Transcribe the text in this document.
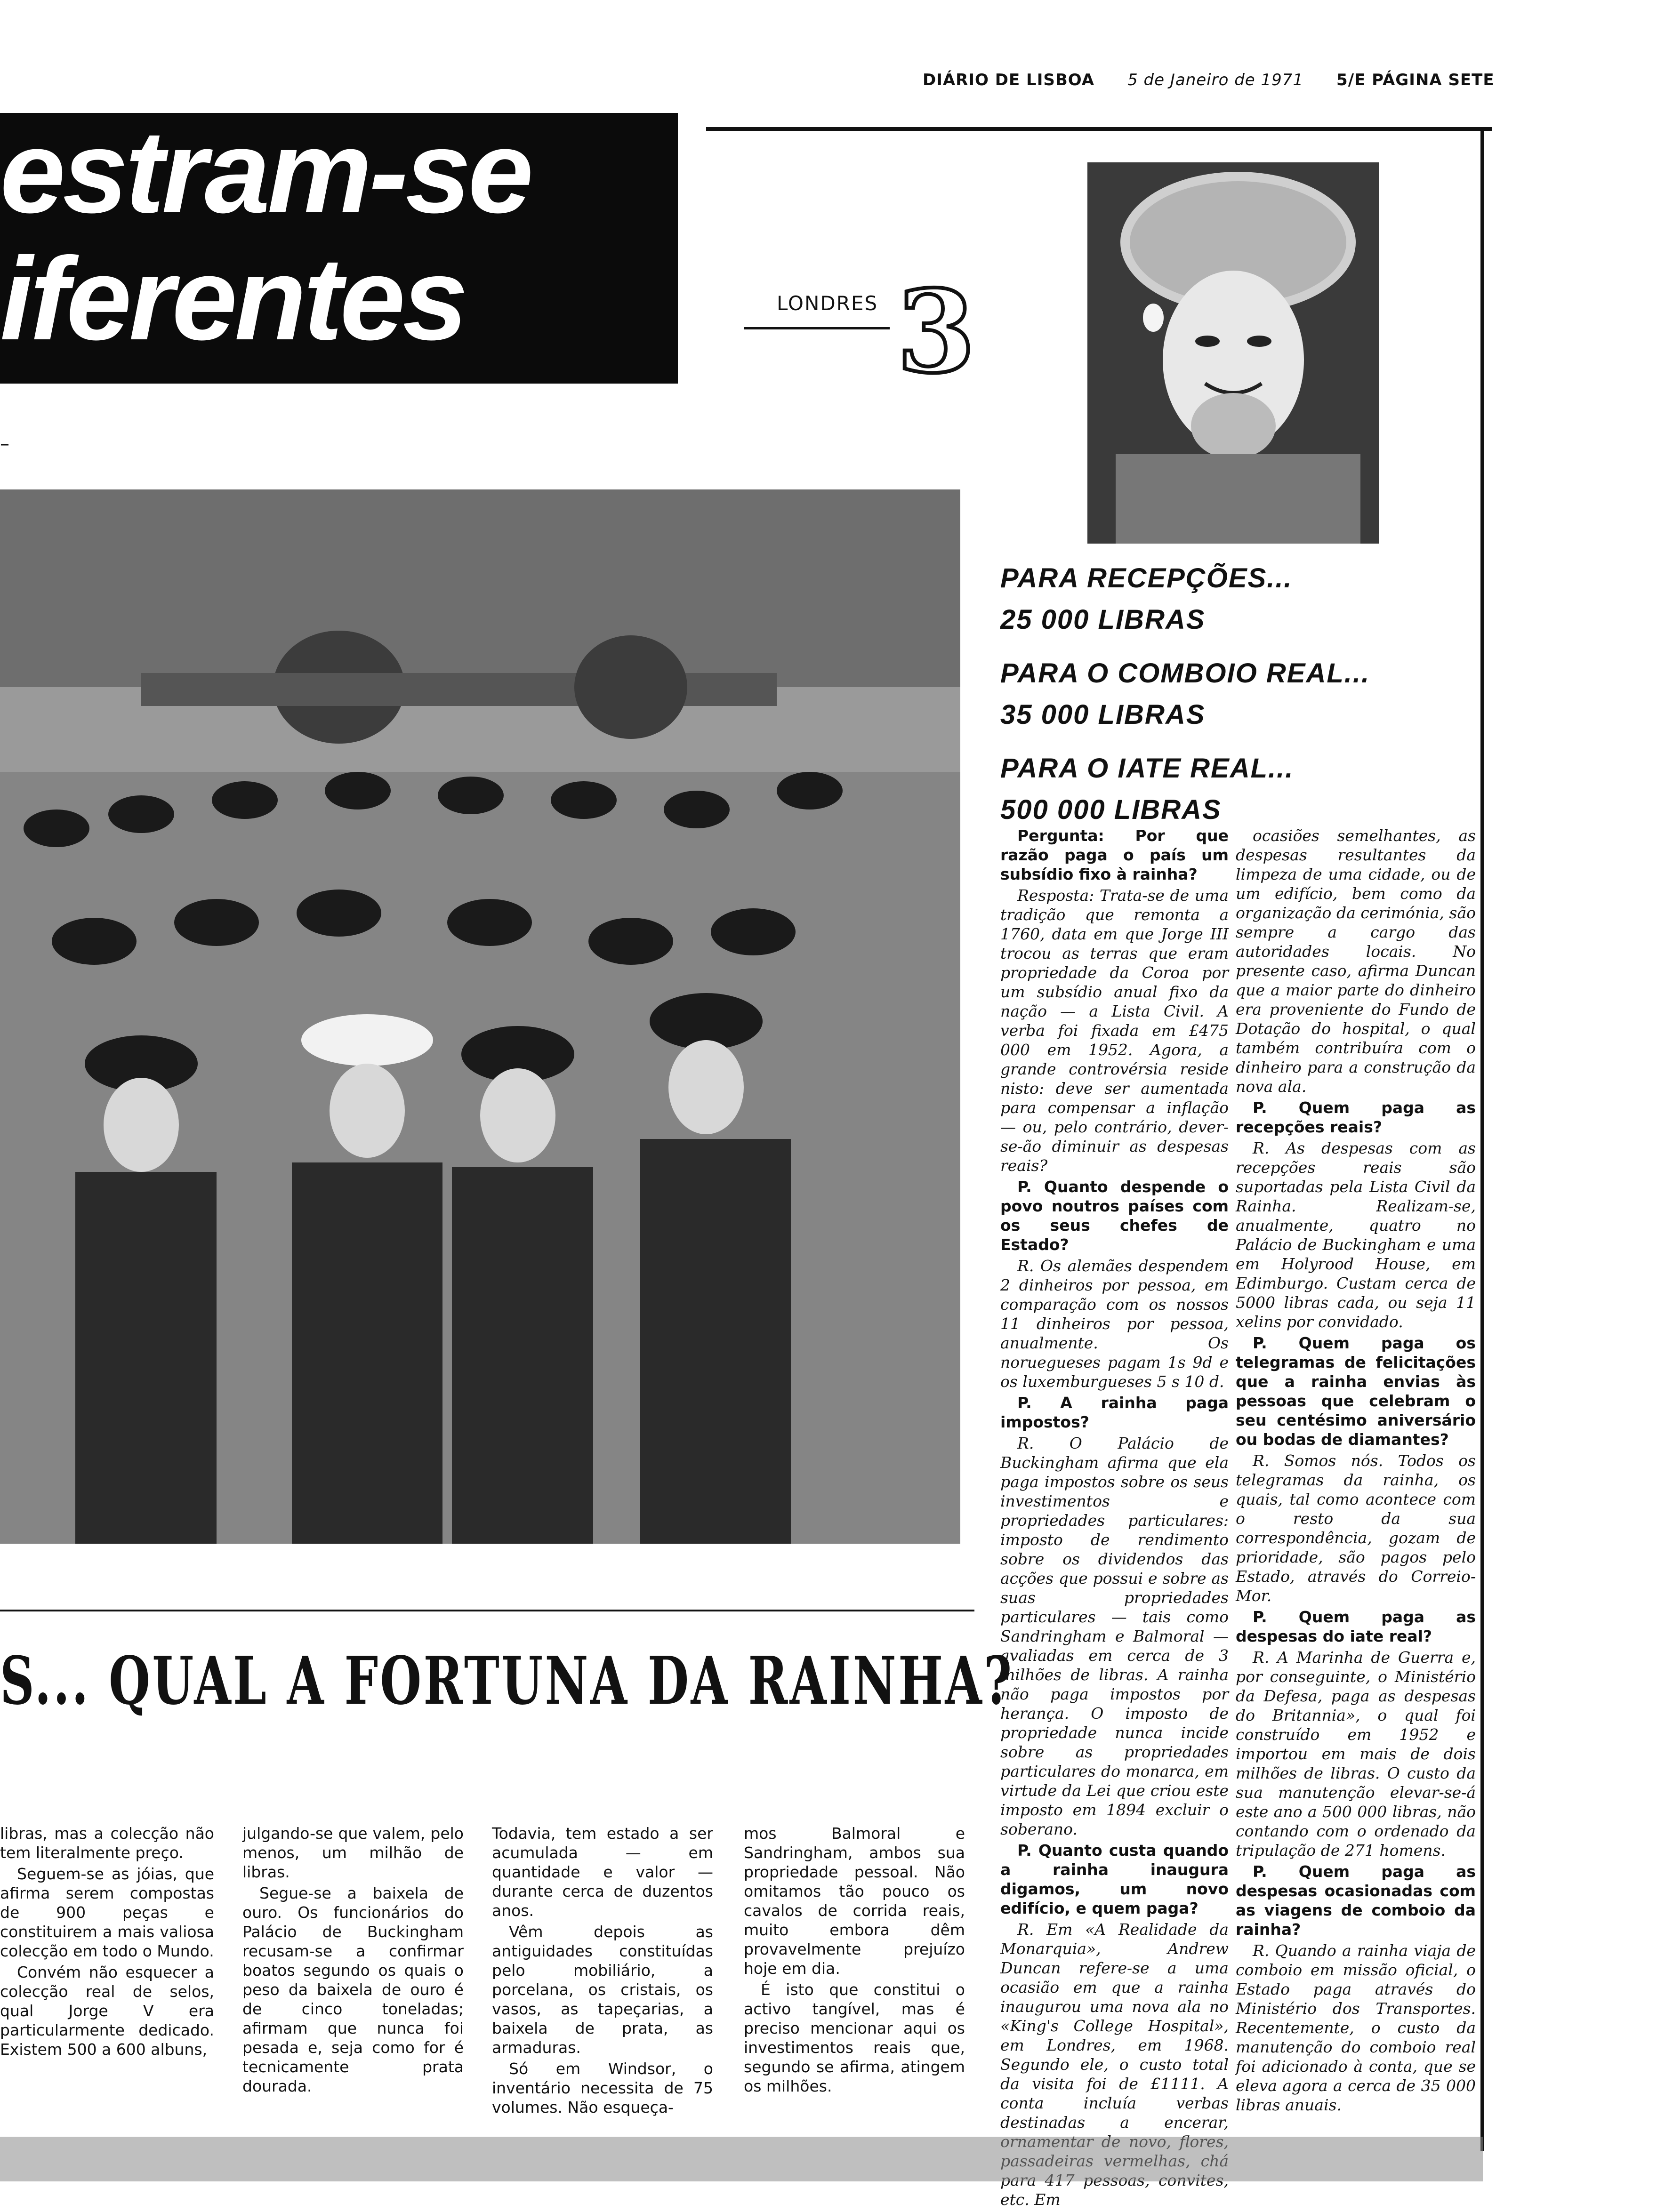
DIÁRIO DE LISBOA 5 de Janeiro de 1971 5/E PÁGINA SETE
estram-se
iferentes	LONDRES 3
–
PARA RECEPÇÕES...
25 000 LIBRAS
PARA O COMBOIO REAL...
35 000 LIBRAS
PARA O IATE REAL...
500 000 LIBRAS
S... QUAL A FORTUNA DA RAINHA?

Pergunta: Por que razão paga o país um subsídio fixo à rainha?

Resposta: Trata-se de uma tradição que remonta a 1760, data em que Jorge III trocou as terras que eram propriedade da Coroa por um subsídio anual fixo da nação — a Lista Civil. A verba foi fixada em £475 000 em 1952. Agora, a grande controvérsia reside nisto: deve ser aumentada para compensar a inflação — ou, pelo contrário, dever-se-ão diminuir as despesas reais?

P. Quanto despende o povo noutros países com os seus chefes de Estado?

R. Os alemães despendem 2 dinheiros por pessoa, em comparação com os nossos 11 dinheiros por pessoa, anualmente. Os noruegueses pagam 1s 9d e os luxemburgueses 5 s 10 d.

P. A rainha paga impostos?

R. O Palácio de Buckingham afirma que ela paga impostos sobre os seus investimentos e propriedades particulares: imposto de rendimento sobre os dividendos das acções que possui e sobre as suas propriedades particulares — tais como Sandringham e Balmoral — avaliadas em cerca de 3 milhões de libras. A rainha não paga impostos por herança. O imposto de propriedade nunca incide sobre as propriedades particulares do monarca, em virtude da Lei que criou este imposto em 1894 excluir o soberano.

P. Quanto custa quando a rainha inaugura digamos, um novo edifício, e quem paga?

R. Em «A Realidade da Monarquia», Andrew Duncan refere-se a uma ocasião em que a rainha inaugurou uma nova ala no «King's College Hospital», em Londres, em 1968. Segundo ele, o custo total da visita foi de £1111. A conta incluía verbas destinadas a encerar, etc. Em

ocasiões semelhantes, as despesas resultantes da limpeza de uma cidade, ou de um edifício, bem como da organização da cerimónia, são sempre a cargo das autoridades locais. No presente caso, afirma Duncan que a maior parte do dinheiro era proveniente do Fundo de Dotação do hospital, o qual também contribuíra com o dinheiro para a construção da nova ala.

P. Quem paga as recepções reais?

R. As despesas com as recepções reais são suportadas pela Lista Civil da Rainha. Realizam-se, anualmente, quatro no Palácio de Buckingham e uma em Holyrood House, em Edimburgo. Custam cerca de 5000 libras cada, ou seja 11 xelins por convidado.

P. Quem paga os telegramas de felicitações que a rainha envias às pessoas que celebram o seu centésimo aniversário ou bodas de diamantes?

R. Somos nós. Todos os telegramas da rainha, os quais, tal como acontece com o resto da sua correspondência, gozam de prioridade, são pagos pelo Estado, através do Correio-Mor.

P. Quem paga as despesas do iate real?

R. A Marinha de Guerra e, por conseguinte, o Ministério da Defesa, paga as despesas do Britannia», o qual foi construído em 1952 e importou em mais de dois milhões de libras. O custo da sua manutenção elevar-se-á este ano a 500 000 libras, não contando com o ordenado da tripulação de 271 homens.

P. Quem paga as despesas ocasionadas com as viagens de comboio da rainha?

R. Quando a rainha viaja de comboio em missão oficial, o Estado paga através do Ministério dos Transportes. Recentemente, o custo da manutenção do comboio real foi adicionado à conta, que se eleva agora a cerca de 35 000 libras anuais.

libras, mas a colecção não tem literalmente preço.

Seguem-se as jóias, que afirma serem compostas de 900 peças e constituirem a mais valiosa colecção em todo o Mundo.

Convém não esquecer a colecção real de selos, qual Jorge V era particularmente dedicado. Existem 500 a 600 albuns,

julgando-se que valem, pelo menos, um milhão de libras.

Segue-se a baixela de ouro. Os funcionários do Palácio de Buckingham recusam-se a confirmar boatos segundo os quais o peso da baixela de ouro é de cinco toneladas; afirmam que nunca foi pesada e, seja como for é tecnicamente prata dourada.

Todavia, tem estado a ser acumulada — em quantidade e valor — durante cerca de duzentos anos.

Vêm depois as antiguidades constituídas pelo mobiliário, a porcelana, os cristais, os vasos, as tapeçarias, a baixela de prata, as armaduras.

Só em Windsor, o inventário necessita de 75 volumes. Não esqueça-

mos Balmoral e Sandringham, ambos sua propriedade pessoal. Não omitamos tão pouco os cavalos de corrida reais, muito embora dêm provavelmente prejuízo hoje em dia.

É isto que constitui o activo tangível, mas é preciso mencionar aqui os investimentos reais que, segundo se afirma, atingem os milhões.
